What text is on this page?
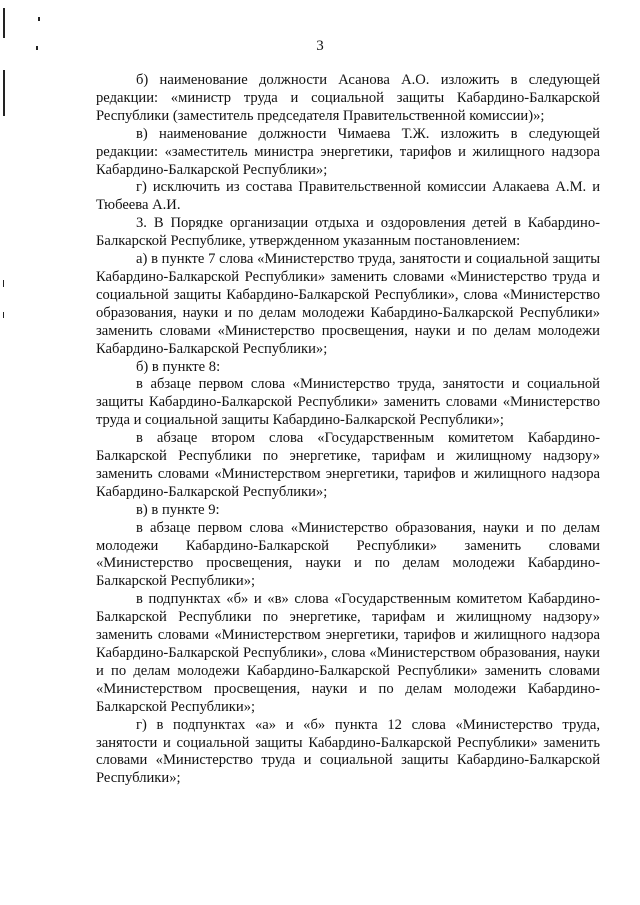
3

б) наименование должности Асанова А.О. изложить в следующей редакции: «министр труда и социальной защиты Кабардино-Балкарской Республики (заместитель председателя Правительственной комиссии)»;

в) наименование должности Чимаева Т.Ж. изложить в следующей редакции: «заместитель министра энергетики, тарифов и жилищного надзора Кабардино-Балкарской Республики»;

г) исключить из состава Правительственной комиссии Алакаева А.М. и Тюбеева А.И.

3. В Порядке организации отдыха и оздоровления детей в Кабардино-Балкарской Республике, утвержденном указанным постановлением:

а) в пункте 7 слова «Министерство труда, занятости и социальной защиты Кабардино-Балкарской Республики» заменить словами «Министерство труда и социальной защиты Кабардино-Балкарской Республики», слова «Министерство образования, науки и по делам молодежи Кабардино-Балкарской Республики» заменить словами «Министерство просвещения, науки и по делам молодежи Кабардино-Балкарской Республики»;

б) в пункте 8:

в абзаце первом слова «Министерство труда, занятости и социальной защиты Кабардино-Балкарской Республики» заменить словами «Министерство труда и социальной защиты Кабардино-Балкарской Республики»;

в абзаце втором слова «Государственным комитетом Кабардино-Балкарской Республики по энергетике, тарифам и жилищному надзору» заменить словами «Министерством энергетики, тарифов и жилищного надзора Кабардино-Балкарской Республики»;

в) в пункте 9:

в абзаце первом слова «Министерство образования, науки и по делам молодежи Кабардино-Балкарской Республики» заменить словами «Министерство просвещения, науки и по делам молодежи Кабардино-Балкарской Республики»;

в подпунктах «б» и «в» слова «Государственным комитетом Кабардино-Балкарской Республики по энергетике, тарифам и жилищному надзору» заменить словами «Министерством энергетики, тарифов и жилищного надзора Кабардино-Балкарской Республики», слова «Министерством образования, науки и по делам молодежи Кабардино-Балкарской Республики» заменить словами «Министерством просвещения, науки и по делам молодежи Кабардино-Балкарской Республики»;

г) в подпунктах «а» и «б» пункта 12 слова «Министерство труда, занятости и социальной защиты Кабардино-Балкарской Республики» заменить словами «Министерство труда и социальной защиты Кабардино-Балкарской Республики»;
